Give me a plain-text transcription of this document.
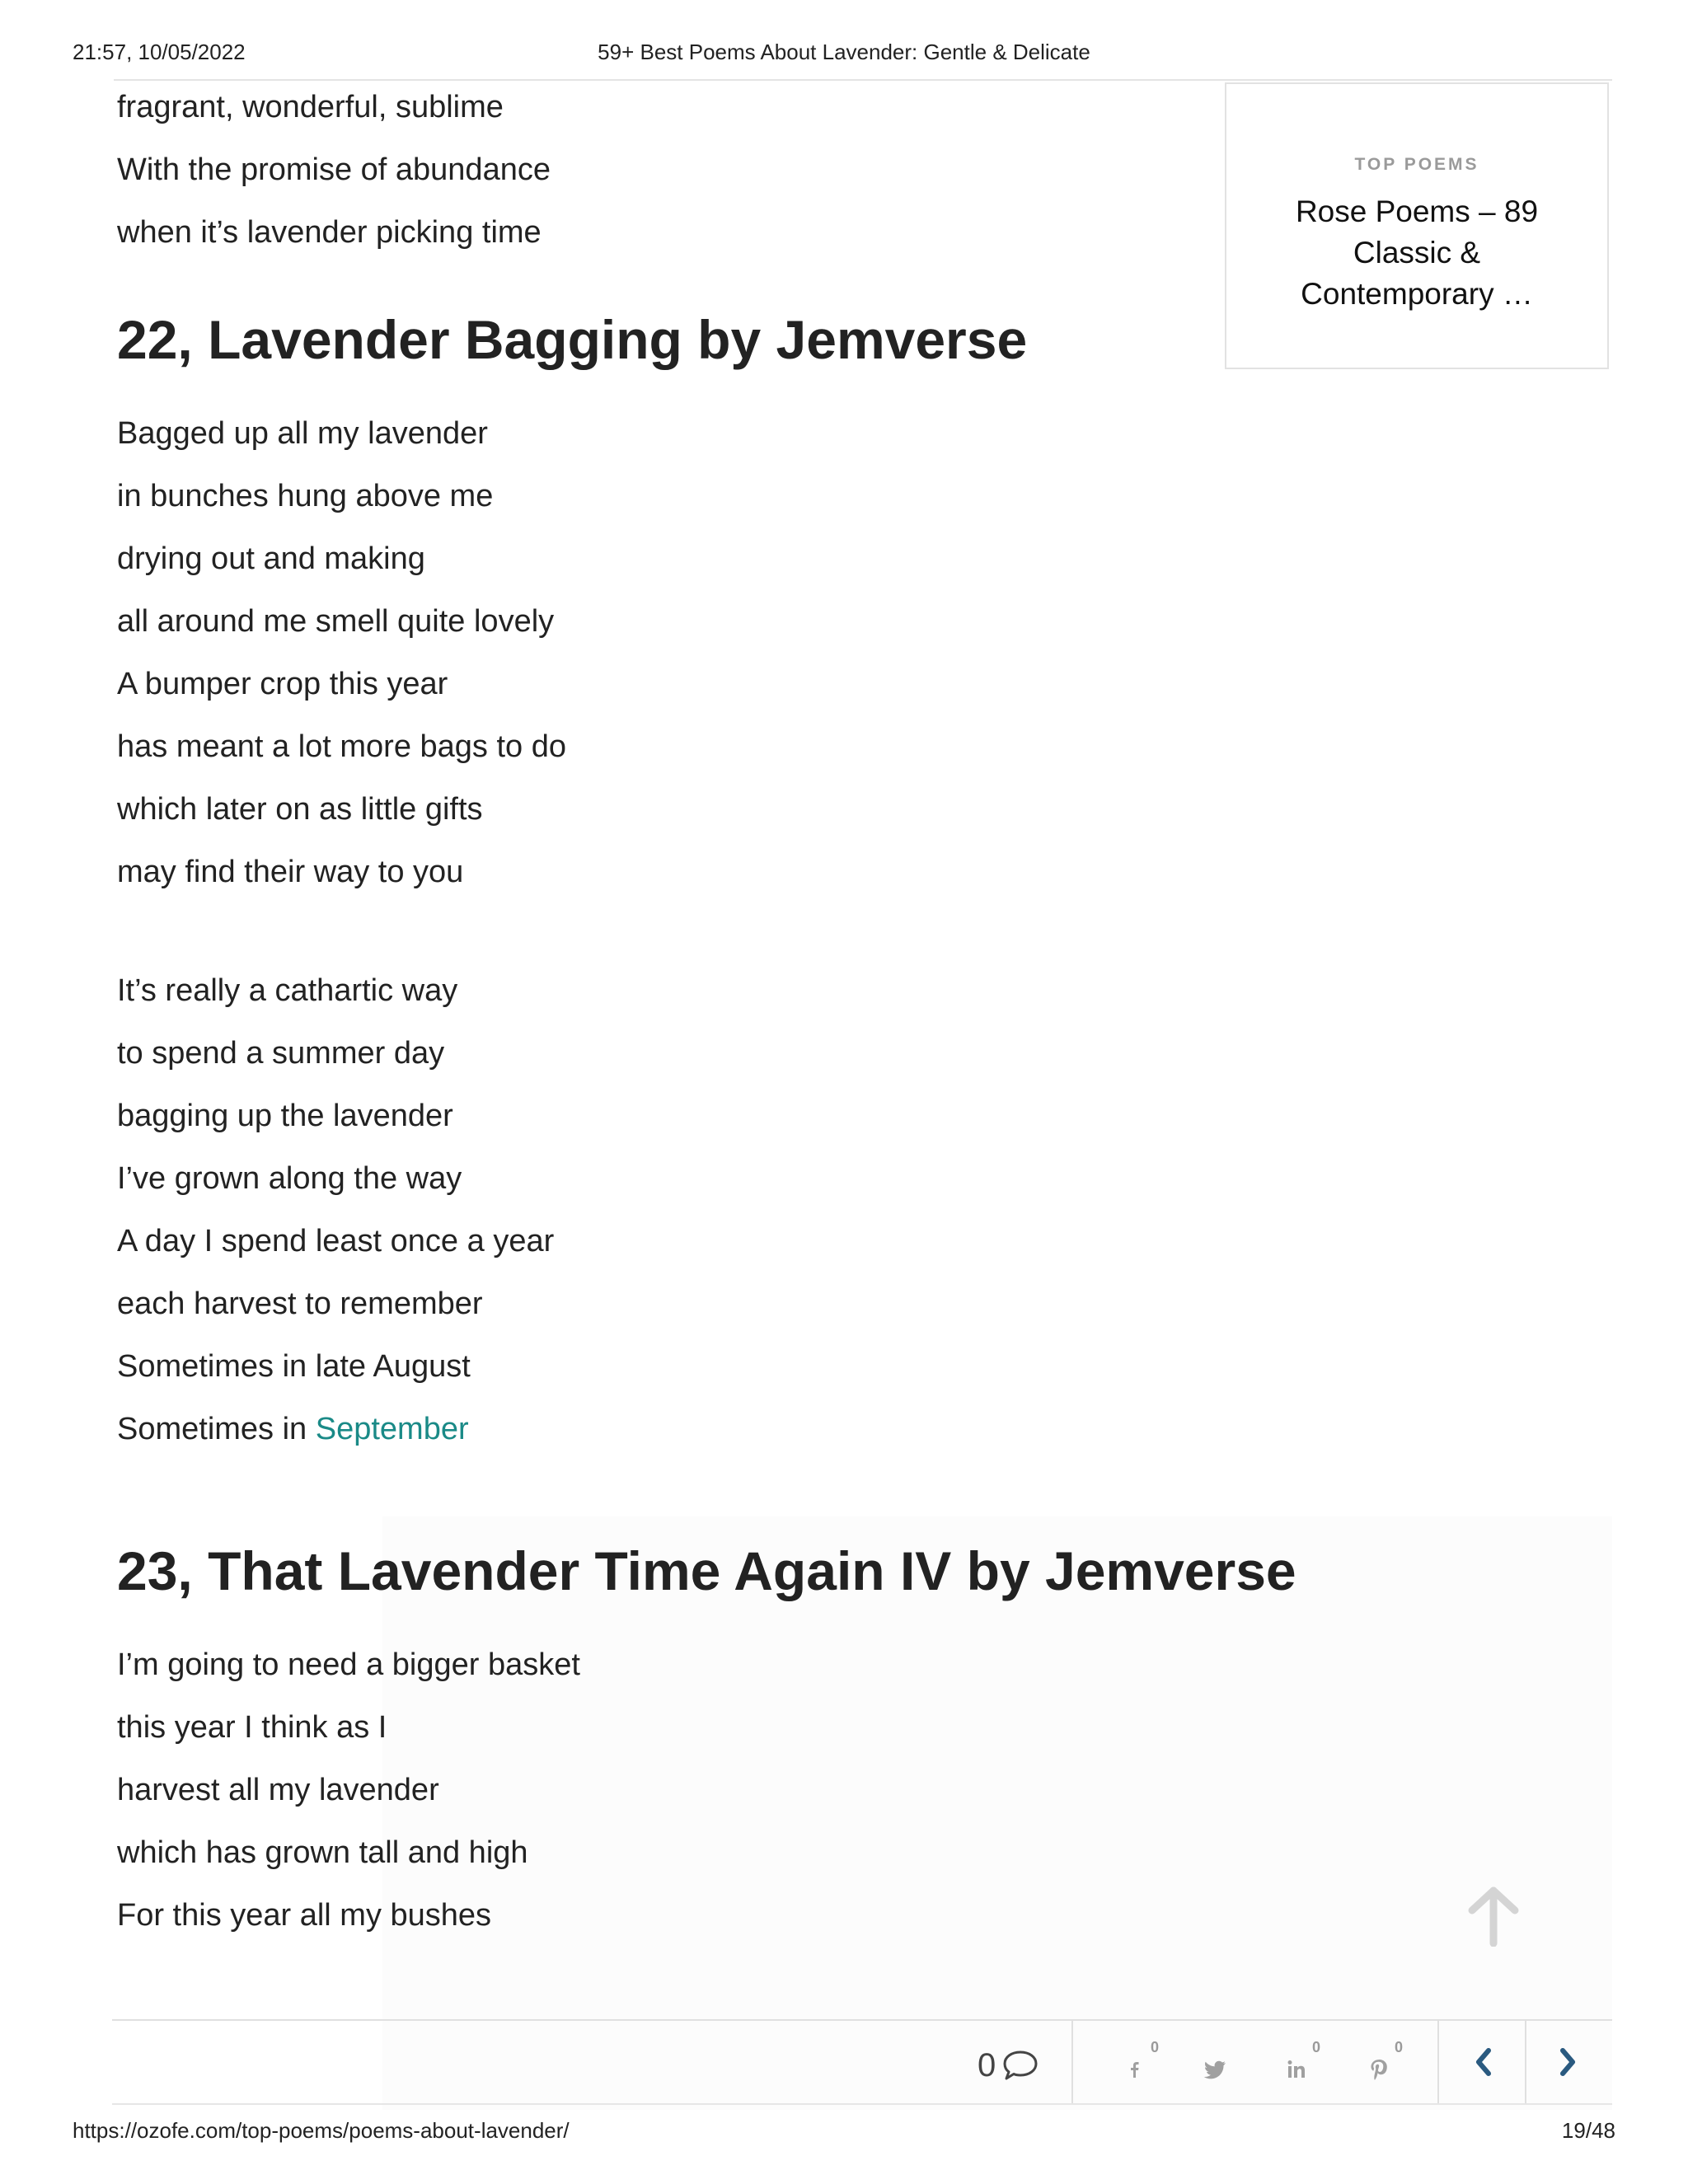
21:57, 10/05/2022	59+ Best Poems About Lavender: Gentle & Delicate
TOP POEMS
Rose Poems – 89 Classic & Contemporary …
fragrant, wonderful, sublime
With the promise of abundance
when it’s lavender picking time
22, Lavender Bagging by Jemverse
Bagged up all my lavender
in bunches hung above me
drying out and making
all around me smell quite lovely
A bumper crop this year
has meant a lot more bags to do
which later on as little gifts
may find their way to you
It’s really a cathartic way
to spend a summer day
bagging up the lavender
I’ve grown along the way
A day I spend least once a year
each harvest to remember
Sometimes in late August
Sometimes in September
23, That Lavender Time Again IV by Jemverse
I’m going to need a bigger basket
this year I think as I
harvest all my lavender
which has grown tall and high
For this year all my bushes
0	0	0	0
https://ozofe.com/top-poems/poems-about-lavender/	19/48
